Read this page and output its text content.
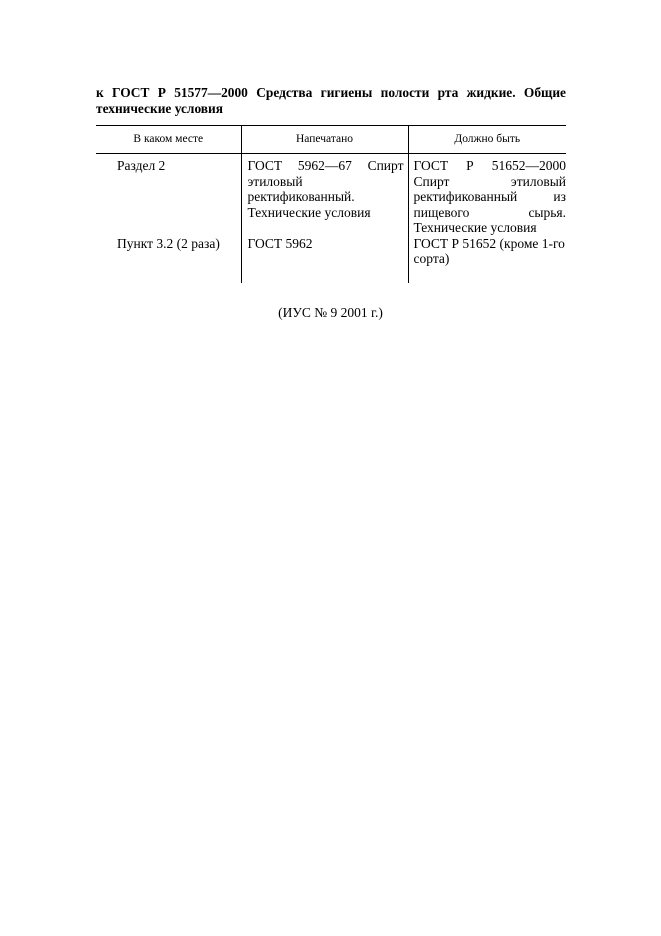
к ГОСТ Р 51577—2000 Средства гигиены полости рта жидкие. Общие технические условия

В каком месте	Напечатано	Должно быть
Раздел 2	ГОСТ 5962—67 Спирт этиловый ректификованный. Технические условия	ГОСТ Р 51652—2000 Спирт этиловый ректификованный из пищевого сырья. Технические условия
Пункт 3.2 (2 раза)	ГОСТ 5962	ГОСТ Р 51652 (кроме 1-го сорта)

(ИУС № 9 2001 г.)
